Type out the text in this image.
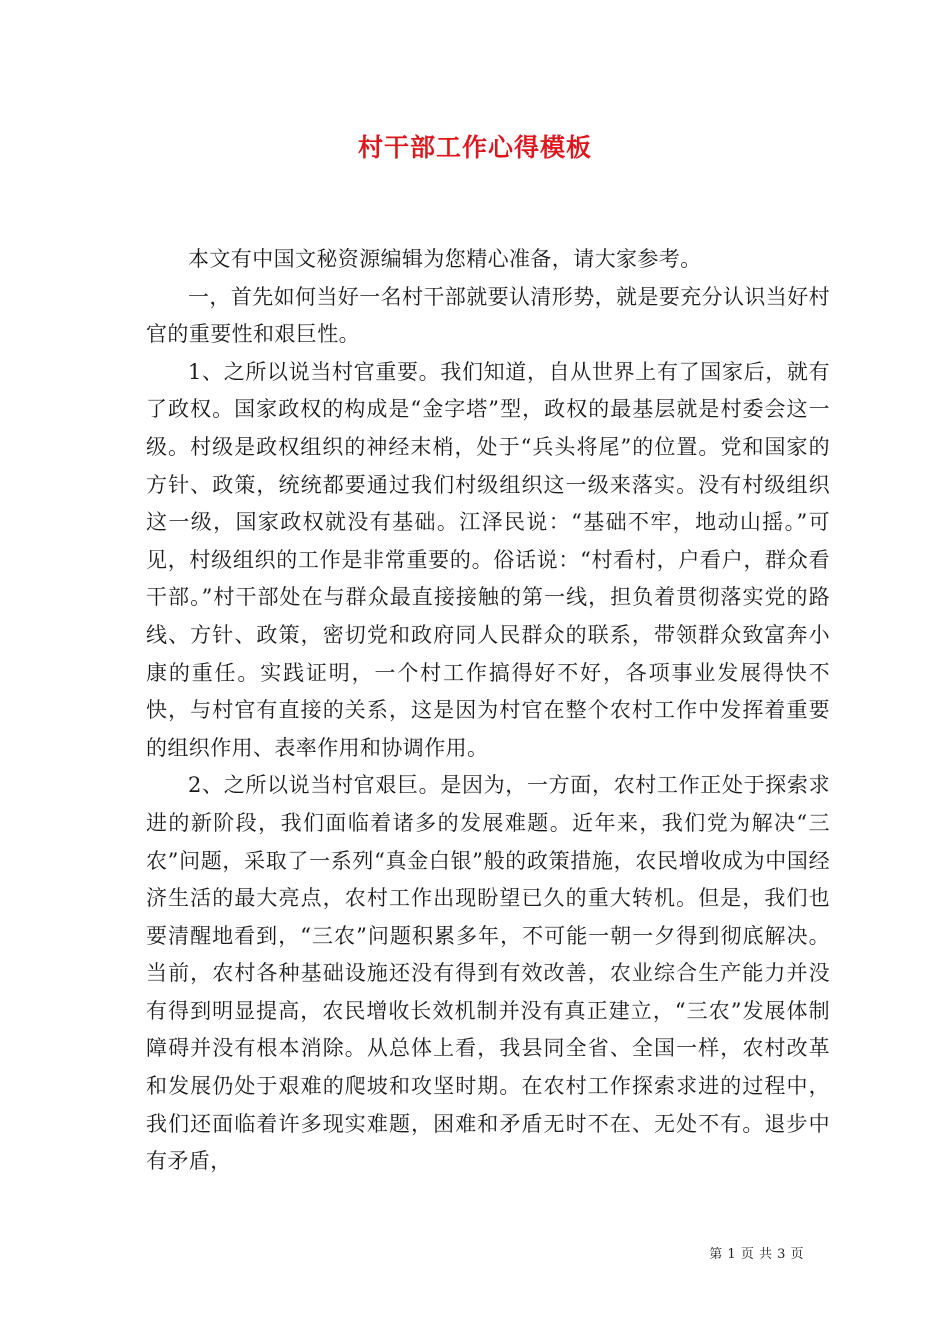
村干部工作心得模板

本文有中国文秘资源编辑为您精心准备，请大家参考。

一，首先如何当好一名村干部就要认清形势，就是要充分认识当好村官的重要性和艰巨性。

1、之所以说当村官重要。我们知道，自从世界上有了国家后，就有了政权。国家政权的构成是“金字塔”型，政权的最基层就是村委会这一级。村级是政权组织的神经末梢，处于“兵头将尾”的位置。党和国家的方针、政策，统统都要通过我们村级组织这一级来落实。没有村级组织这一级，国家政权就没有基础。江泽民说：“基础不牢，地动山摇。”可见，村级组织的工作是非常重要的。俗话说：“村看村，户看户，群众看干部。”村干部处在与群众最直接接触的第一线，担负着贯彻落实党的路线、方针、政策，密切党和政府同人民群众的联系，带领群众致富奔小康的重任。实践证明，一个村工作搞得好不好，各项事业发展得快不快，与村官有直接的关系，这是因为村官在整个农村工作中发挥着重要的组织作用、表率作用和协调作用。

2、之所以说当村官艰巨。是因为，一方面，农村工作正处于探索求进的新阶段，我们面临着诸多的发展难题。近年来，我们党为解决“三农”问题，采取了一系列“真金白银”般的政策措施，农民增收成为中国经济生活的最大亮点，农村工作出现盼望已久的重大转机。但是，我们也要清醒地看到，“三农”问题积累多年，不可能一朝一夕得到彻底解决。当前，农村各种基础设施还没有得到有效改善，农业综合生产能力并没有得到明显提高，农民增收长效机制并没有真正建立，“三农”发展体制障碍并没有根本消除。从总体上看，我县同全省、全国一样，农村改革和发展仍处于艰难的爬坡和攻坚时期。在农村工作探索求进的过程中，我们还面临着许多现实难题，困难和矛盾无时不在、无处不有。退步中有矛盾，

第 1 页 共 3 页
